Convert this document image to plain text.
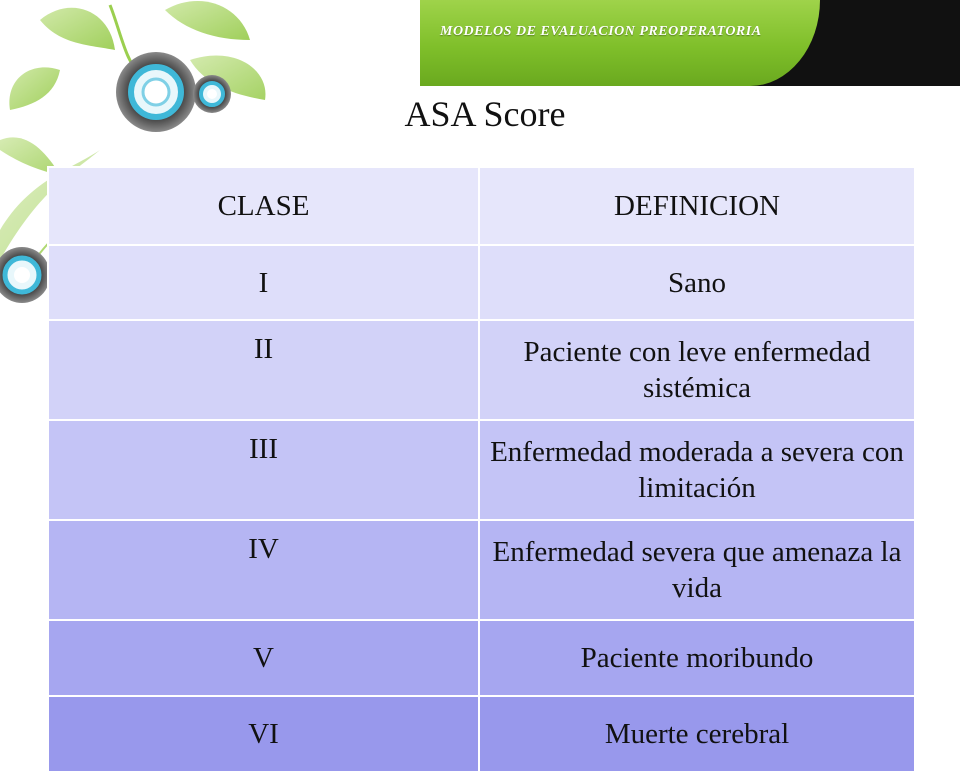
MODELOS DE EVALUACION PREOPERATORIA
ASA Score
CLASE	DEFINICION
I	Sano
II	Paciente con leve enfermedad sistémica
III	Enfermedad moderada a severa con limitación
IV	Enfermedad severa que amenaza la vida
V	Paciente moribundo
VI	Muerte cerebral
